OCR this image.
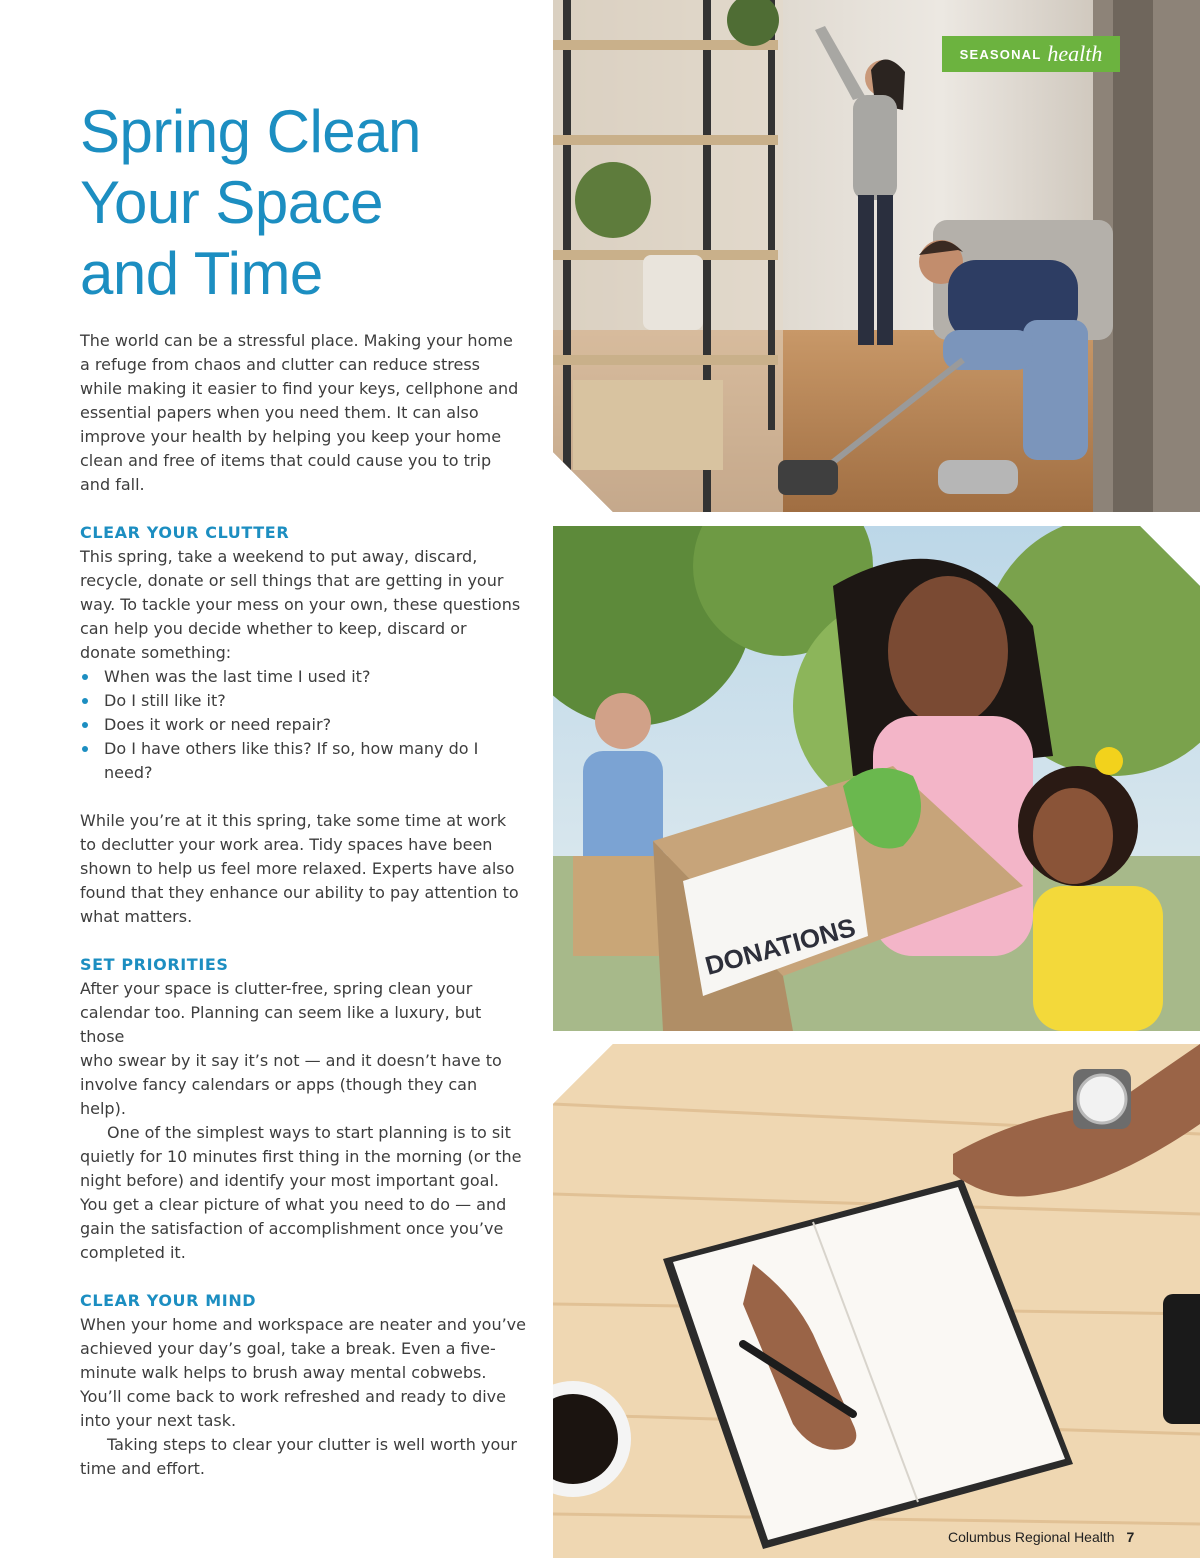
Spring Clean
Your Space
and Time

The world can be a stressful place. Making your home

a refuge from chaos and clutter can reduce stress

while making it easier to find your keys, cellphone and

essential papers when you need them. It can also

improve your health by helping you keep your home

clean and free of items that could cause you to trip

and fall.

CLEAR YOUR CLUTTER

This spring, take a weekend to put away, discard,

recycle, donate or sell things that are getting in your

way. To tackle your mess on your own, these questions

can help you decide whether to keep, discard or

donate something:

When was the last time I used it?
Do I still like it?
Does it work or need repair?
Do I have others like this? If so, how many do I need?

While you’re at it this spring, take some time at work

to declutter your work area. Tidy spaces have been

shown to help us feel more relaxed. Experts have also

found that they enhance our ability to pay attention to

what matters.

SET PRIORITIES

After your space is clutter-free, spring clean your

calendar too. Planning can seem like a luxury, but those

who swear by it say it’s not — and it doesn’t have to

involve fancy calendars or apps (though they can help).

One of the simplest ways to start planning is to sit

quietly for 10 minutes first thing in the morning (or the

night before) and identify your most important goal.

You get a clear picture of what you need to do — and

gain the satisfaction of accomplishment once you’ve

completed it.

CLEAR YOUR MIND

When your home and workspace are neater and you’ve

achieved your day’s goal, take a break. Even a five-

minute walk helps to brush away mental cobwebs.

You’ll come back to work refreshed and ready to dive

into your next task.

Taking steps to clear your clutter is well worth your

time and effort.

DONATIONS
SEASONAL health
Columbus Regional Health 7
